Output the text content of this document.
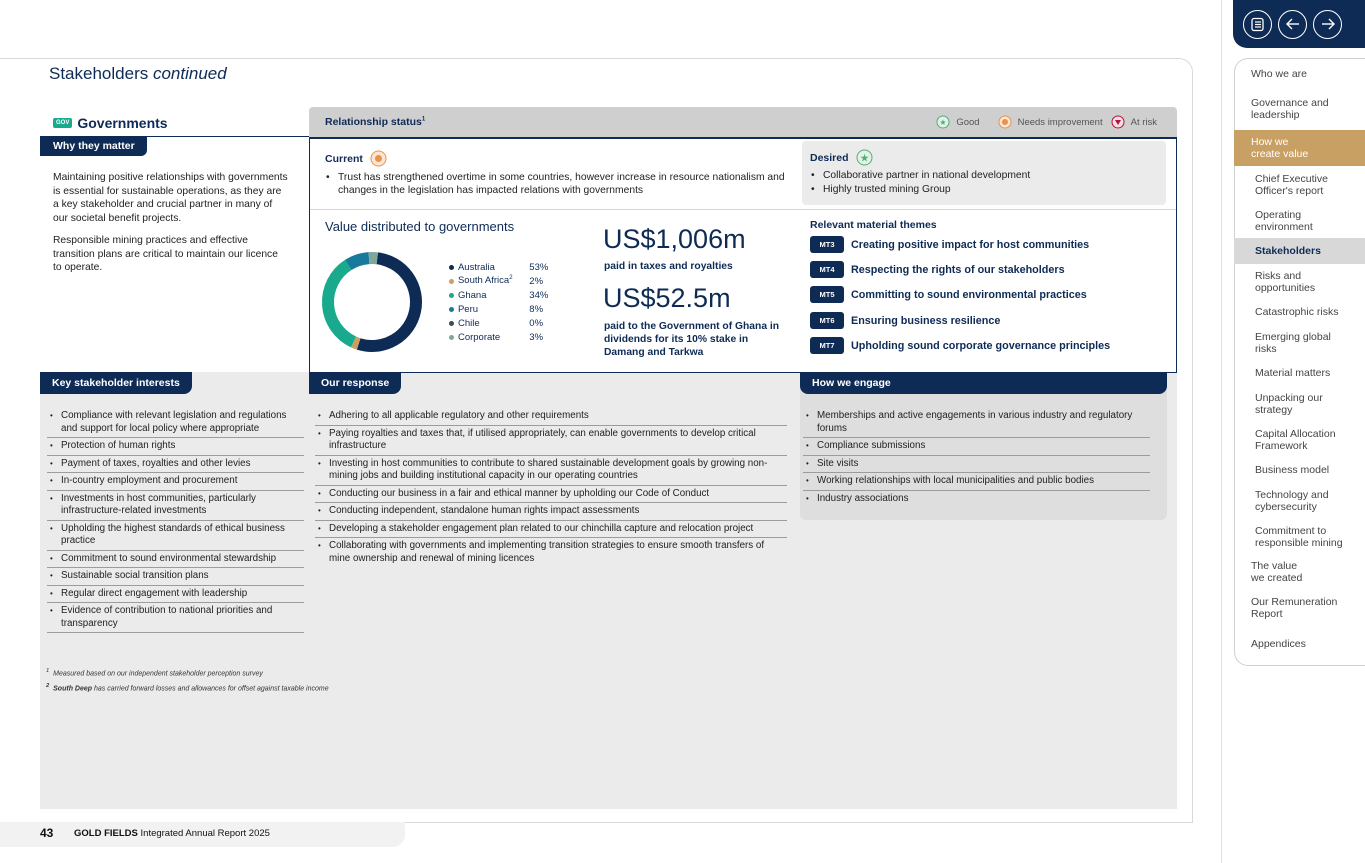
Stakeholders continued
GOV Governments
Why they matter

Maintaining positive relationships with governments is essential for sustainable operations, as they are a key stakeholder and crucial partner in many of our societal benefit projects.

Responsible mining practices and effective transition plans are critical to maintain our licence to operate.

Relationship status$^1$	★ Good	Needs improvement	At risk
Current
• Trust has strengthened overtime in some countries, however increase in resource nationalism and changes in the legislation has impacted relations with governments
Desired ★
• Collaborative partner in national development
• Highly trusted mining Group
Value distributed to governments
Australia	53%
South Africa$^2$	2%
Ghana	34%
Peru	8%
Chile	0%
Corporate	3%
US$1,006m
paid in taxes and royalties
US$52.5m
paid to the Government of Ghana in dividends for its 10% stake in Damang and Tarkwa
Relevant material themes
MT3	Creating positive impact for host communities
MT4	Respecting the rights of our stakeholders
MT5	Committing to sound environmental practices
MT6	Ensuring business resilience
MT7	Upholding sound corporate governance principles
Key stakeholder interests	Our response	How we engage
• Compliance with relevant legislation and regulations and support for local policy where appropriate
• Protection of human rights
• Payment of taxes, royalties and other levies
• In-country employment and procurement
• Investments in host communities, particularly infrastructure-related investments
• Upholding the highest standards of ethical business practice
• Commitment to sound environmental stewardship
• Sustainable social transition plans
• Regular direct engagement with leadership
• Evidence of contribution to national priorities and transparency
• Adhering to all applicable regulatory and other requirements
• Paying royalties and taxes that, if utilised appropriately, can enable governments to develop critical infrastructure
• Investing in host communities to contribute to shared sustainable development goals by growing non-mining jobs and building institutional capacity in our operating countries
• Conducting our business in a fair and ethical manner by upholding our Code of Conduct
• Conducting independent, standalone human rights impact assessments
• Developing a stakeholder engagement plan related to our chinchilla capture and relocation project
• Collaborating with governments and implementing transition strategies to ensure smooth transfers of mine ownership and renewal of mining licences
• Memberships and active engagements in various industry and regulatory forums
• Compliance submissions
• Site visits
• Working relationships with local municipalities and public bodies
• Industry associations
$^1$ Measured based on our independent stakeholder perception survey
$^2$ South Deep has carried forward losses and allowances for offset against taxable income
43 GOLD FIELDS Integrated Annual Report 2025
Who we are
Governance and leadership
How we create value
Chief Executive Officer's report
Operating environment
Stakeholders
Risks and opportunities
Catastrophic risks
Emerging global risks
Material matters
Unpacking our strategy
Capital Allocation Framework
Business model
Technology and cybersecurity
Commitment to responsible mining
The value we created
Our Remuneration Report
Appendices
